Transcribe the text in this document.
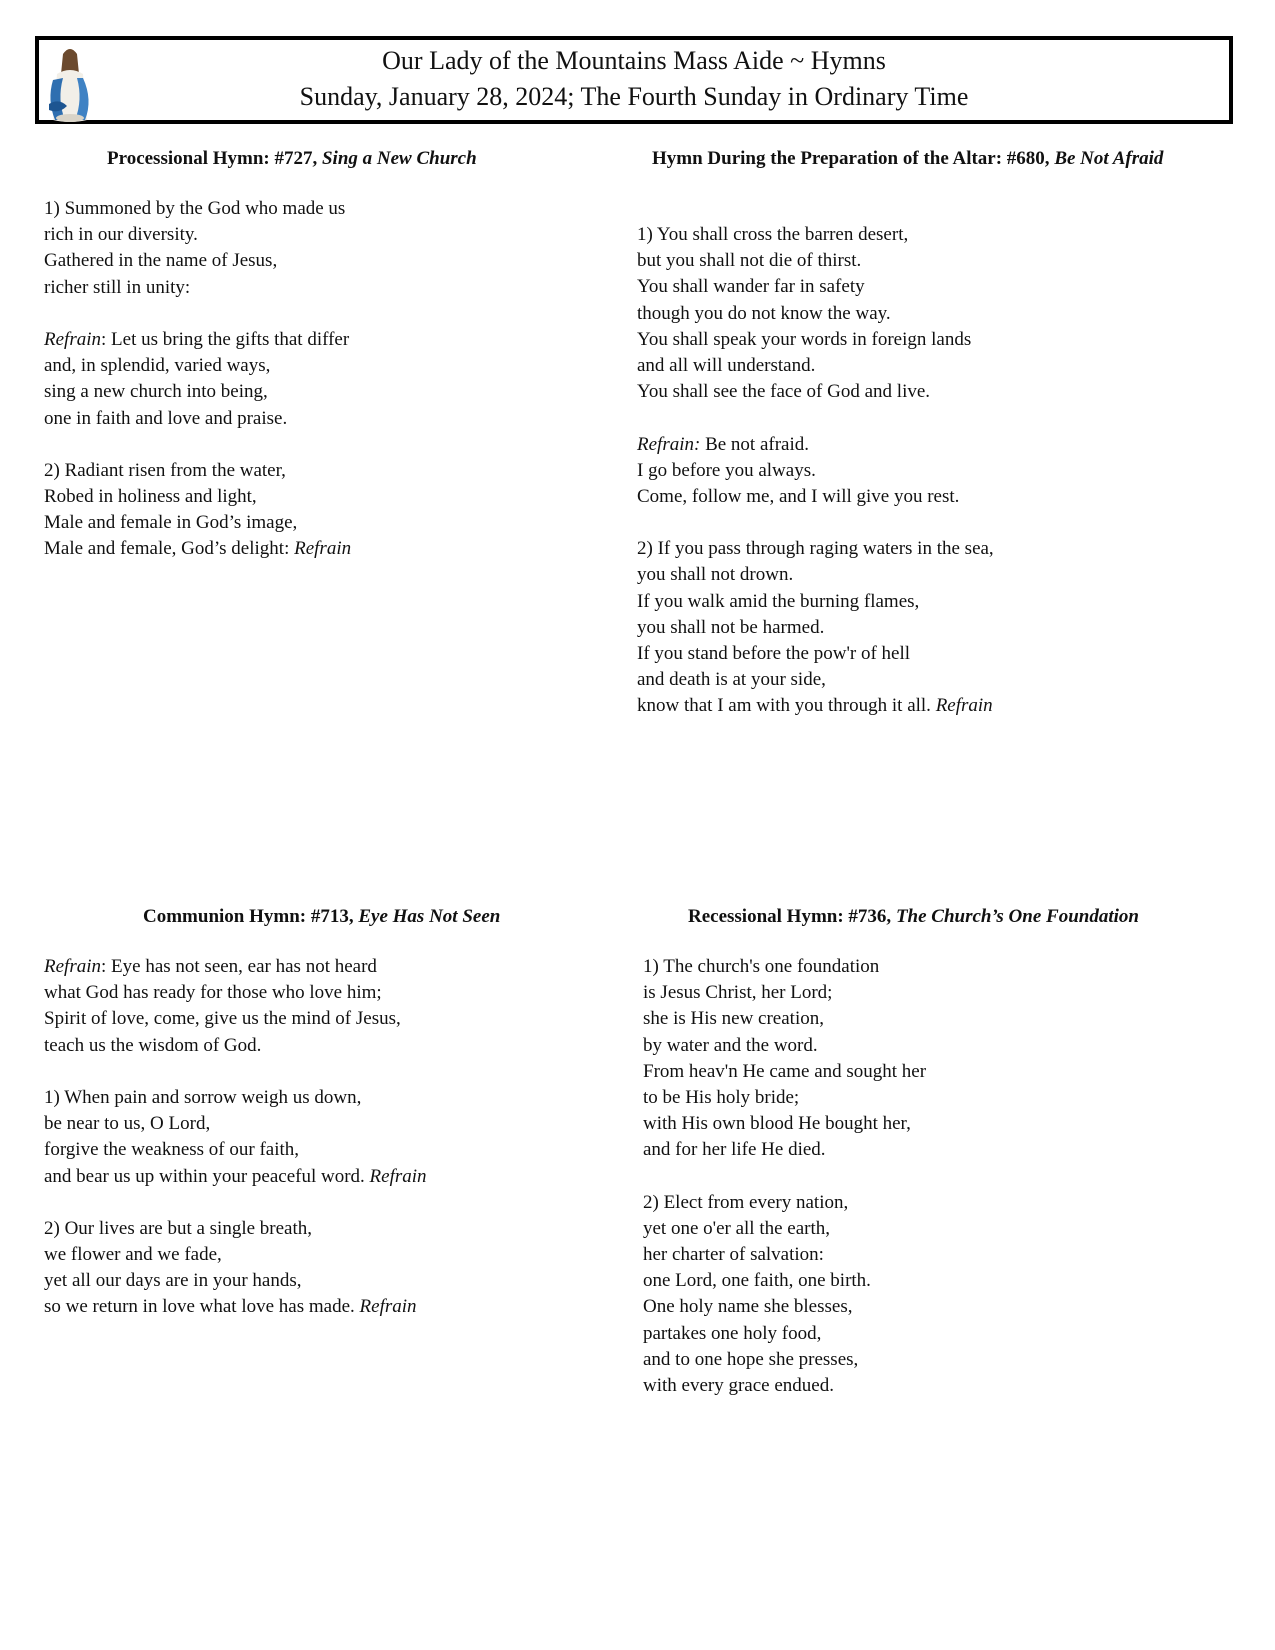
Our Lady of the Mountains Mass Aide ~ Hymns
Sunday, January 28, 2024; The Fourth Sunday in Ordinary Time
Processional Hymn: #727, Sing a New Church
1) Summoned by the God who made us
rich in our diversity.
Gathered in the name of Jesus,
richer still in unity:
Refrain: Let us bring the gifts that differ
and, in splendid, varied ways,
sing a new church into being,
one in faith and love and praise.
2) Radiant risen from the water,
Robed in holiness and light,
Male and female in God’s image,
Male and female, God’s delight: Refrain
Hymn During the Preparation of the Altar: #680, Be Not Afraid
1) You shall cross the barren desert,
but you shall not die of thirst.
You shall wander far in safety
though you do not know the way.
You shall speak your words in foreign lands
and all will understand.
You shall see the face of God and live.
Refrain: Be not afraid.
I go before you always.
Come, follow me, and I will give you rest.
2) If you pass through raging waters in the sea,
you shall not drown.
If you walk amid the burning flames,
you shall not be harmed.
If you stand before the pow'r of hell
and death is at your side,
know that I am with you through it all. Refrain
Communion Hymn: #713, Eye Has Not Seen
Refrain: Eye has not seen, ear has not heard
what God has ready for those who love him;
Spirit of love, come, give us the mind of Jesus,
teach us the wisdom of God.
1) When pain and sorrow weigh us down,
be near to us, O Lord,
forgive the weakness of our faith,
and bear us up within your peaceful word. Refrain
2) Our lives are but a single breath,
we flower and we fade,
yet all our days are in your hands,
so we return in love what love has made. Refrain
Recessional Hymn: #736, The Church’s One Foundation
1) The church's one foundation
is Jesus Christ, her Lord;
she is His new creation,
by water and the word.
From heav'n He came and sought her
to be His holy bride;
with His own blood He bought her,
and for her life He died.
2) Elect from every nation,
yet one o'er all the earth,
her charter of salvation:
one Lord, one faith, one birth.
One holy name she blesses,
partakes one holy food,
and to one hope she presses,
with every grace endued.
